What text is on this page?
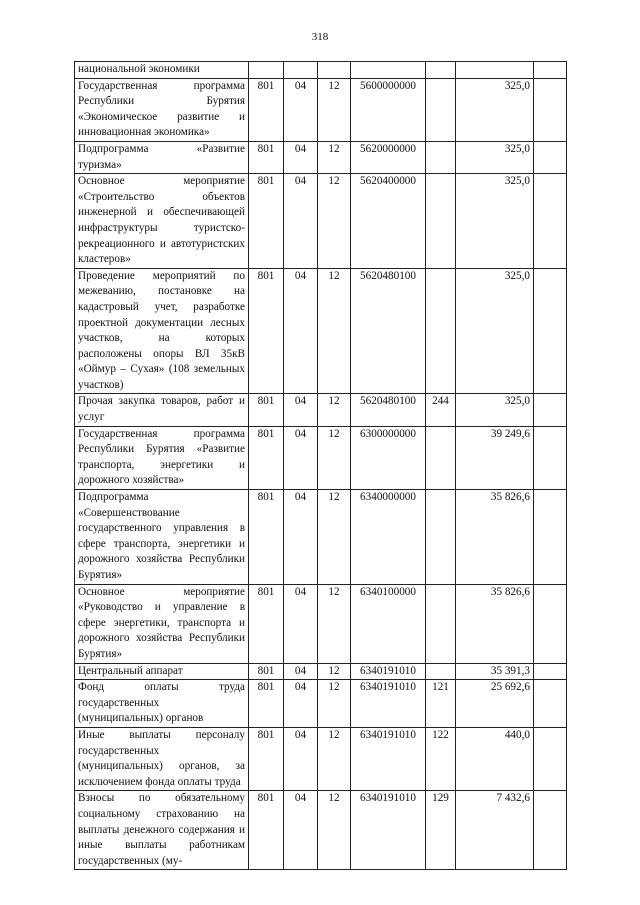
318
национальной экономики							
Государственная программа Республики Бурятия «Экономическое развитие и инновационная экономика»	801	04	12	5600000000		325,0	
Подпрограмма «Развитие туризма»	801	04	12	5620000000		325,0	
Основное мероприятие «Строительство объектов инженерной и обеспечивающей инфраструктуры туристско-рекреационного и автотуристских кластеров»	801	04	12	5620400000		325,0	
Проведение мероприятий по межеванию, постановке на кадастровый учет, разработке проектной документации лесных участков, на которых расположены опоры ВЛ 35кВ «Оймур – Сухая» (108 земельных участков)	801	04	12	5620480100		325,0	
Прочая закупка товаров, работ и услуг	801	04	12	5620480100	244	325,0	
Государственная программа Республики Бурятия «Развитие транспорта, энергетики и дорожного хозяйства»	801	04	12	6300000000		39 249,6	
Подпрограмма «Совершенствование государственного управления в сфере транспорта, энергетики и дорожного хозяйства Республики Бурятия»	801	04	12	6340000000		35 826,6	
Основное мероприятие «Руководство и управление в сфере энергетики, транспорта и дорожного хозяйства Республики Бурятия»	801	04	12	6340100000		35 826,6	
Центральный аппарат	801	04	12	6340191010		35 391,3	
Фонд оплаты труда государственных (муниципальных) органов	801	04	12	6340191010	121	25 692,6	
Иные выплаты персоналу государственных (муниципальных) органов, за исключением фонда оплаты труда	801	04	12	6340191010	122	440,0	
Взносы по обязательному социальному страхованию на выплаты денежного содержания и иные выплаты работникам государственных (му-	801	04	12	6340191010	129	7 432,6	
